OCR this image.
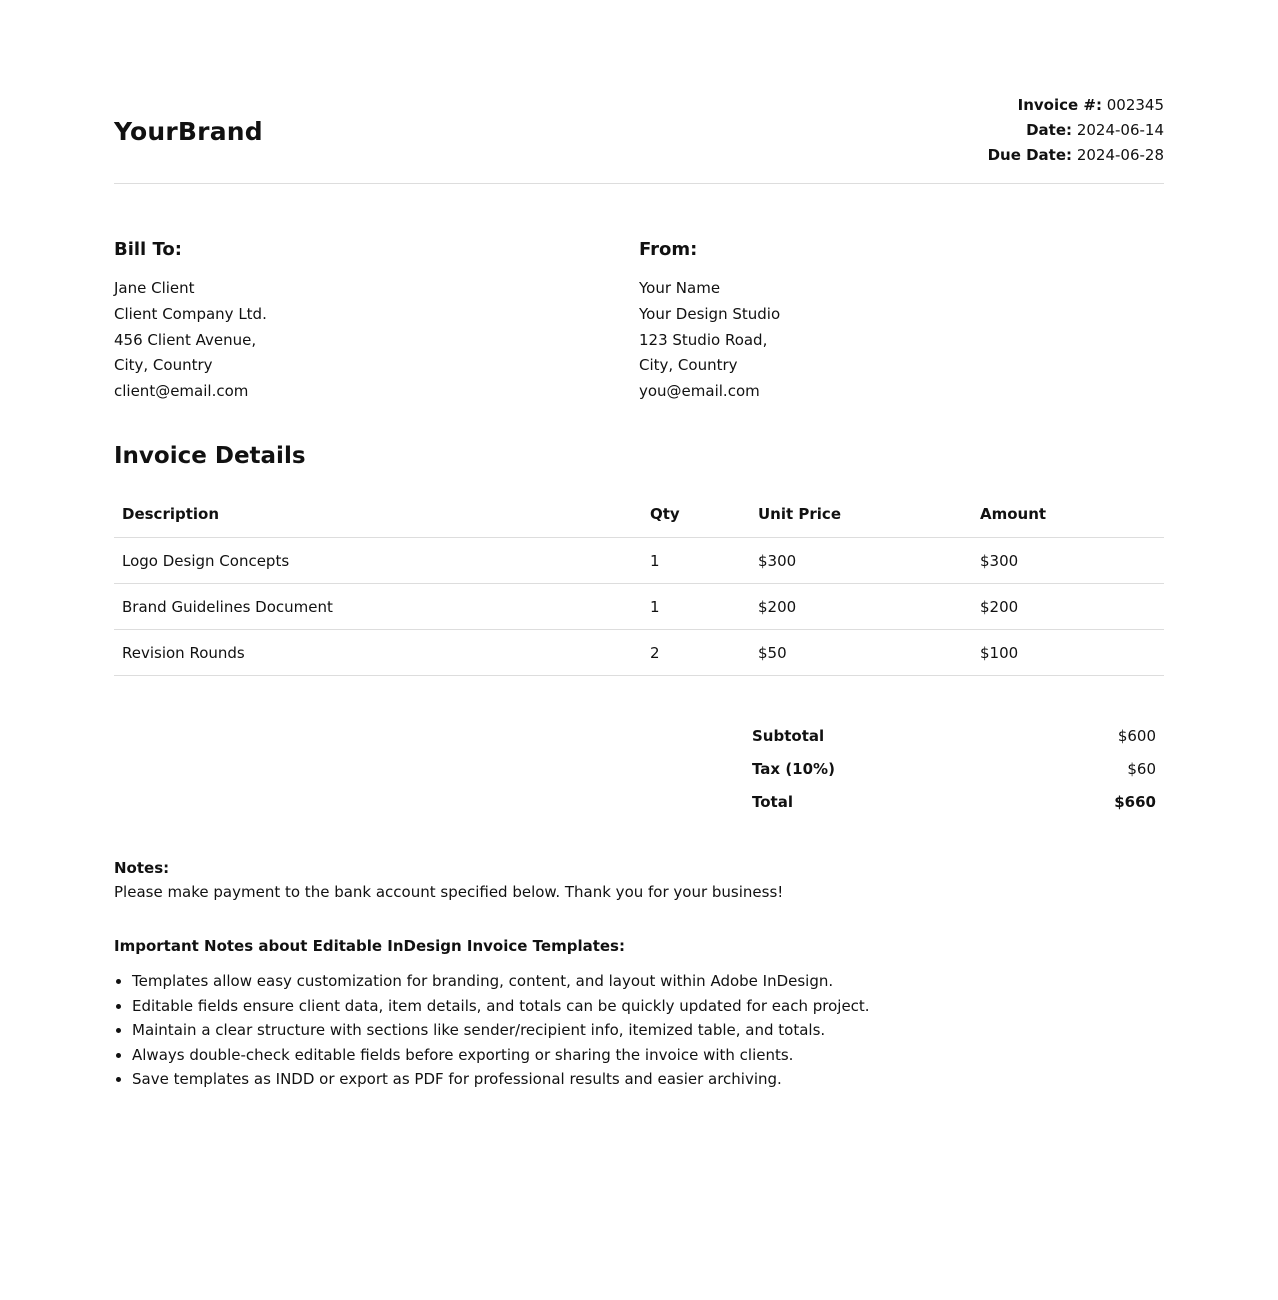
YourBrand
Invoice #: 002345
Date: 2024-06-14
Due Date: 2024-06-28
Bill To:
Jane Client
Client Company Ltd.
456 Client Avenue,
City, Country
client@email.com
From:
Your Name
Your Design Studio
123 Studio Road,
City, Country
you@email.com
Invoice Details
Description	Qty	Unit Price	Amount
Logo Design Concepts	1	$300	$300
Brand Guidelines Document	1	$200	$200
Revision Rounds	2	$50	$100
Subtotal	$600
Tax (10%)	$60
Total	$660
Notes:
Please make payment to the bank account specified below. Thank you for your business!
Important Notes about Editable InDesign Invoice Templates:
• Templates allow easy customization for branding, content, and layout within Adobe InDesign.
• Editable fields ensure client data, item details, and totals can be quickly updated for each project.
• Maintain a clear structure with sections like sender/recipient info, itemized table, and totals.
• Always double-check editable fields before exporting or sharing the invoice with clients.
• Save templates as INDD or export as PDF for professional results and easier archiving.
